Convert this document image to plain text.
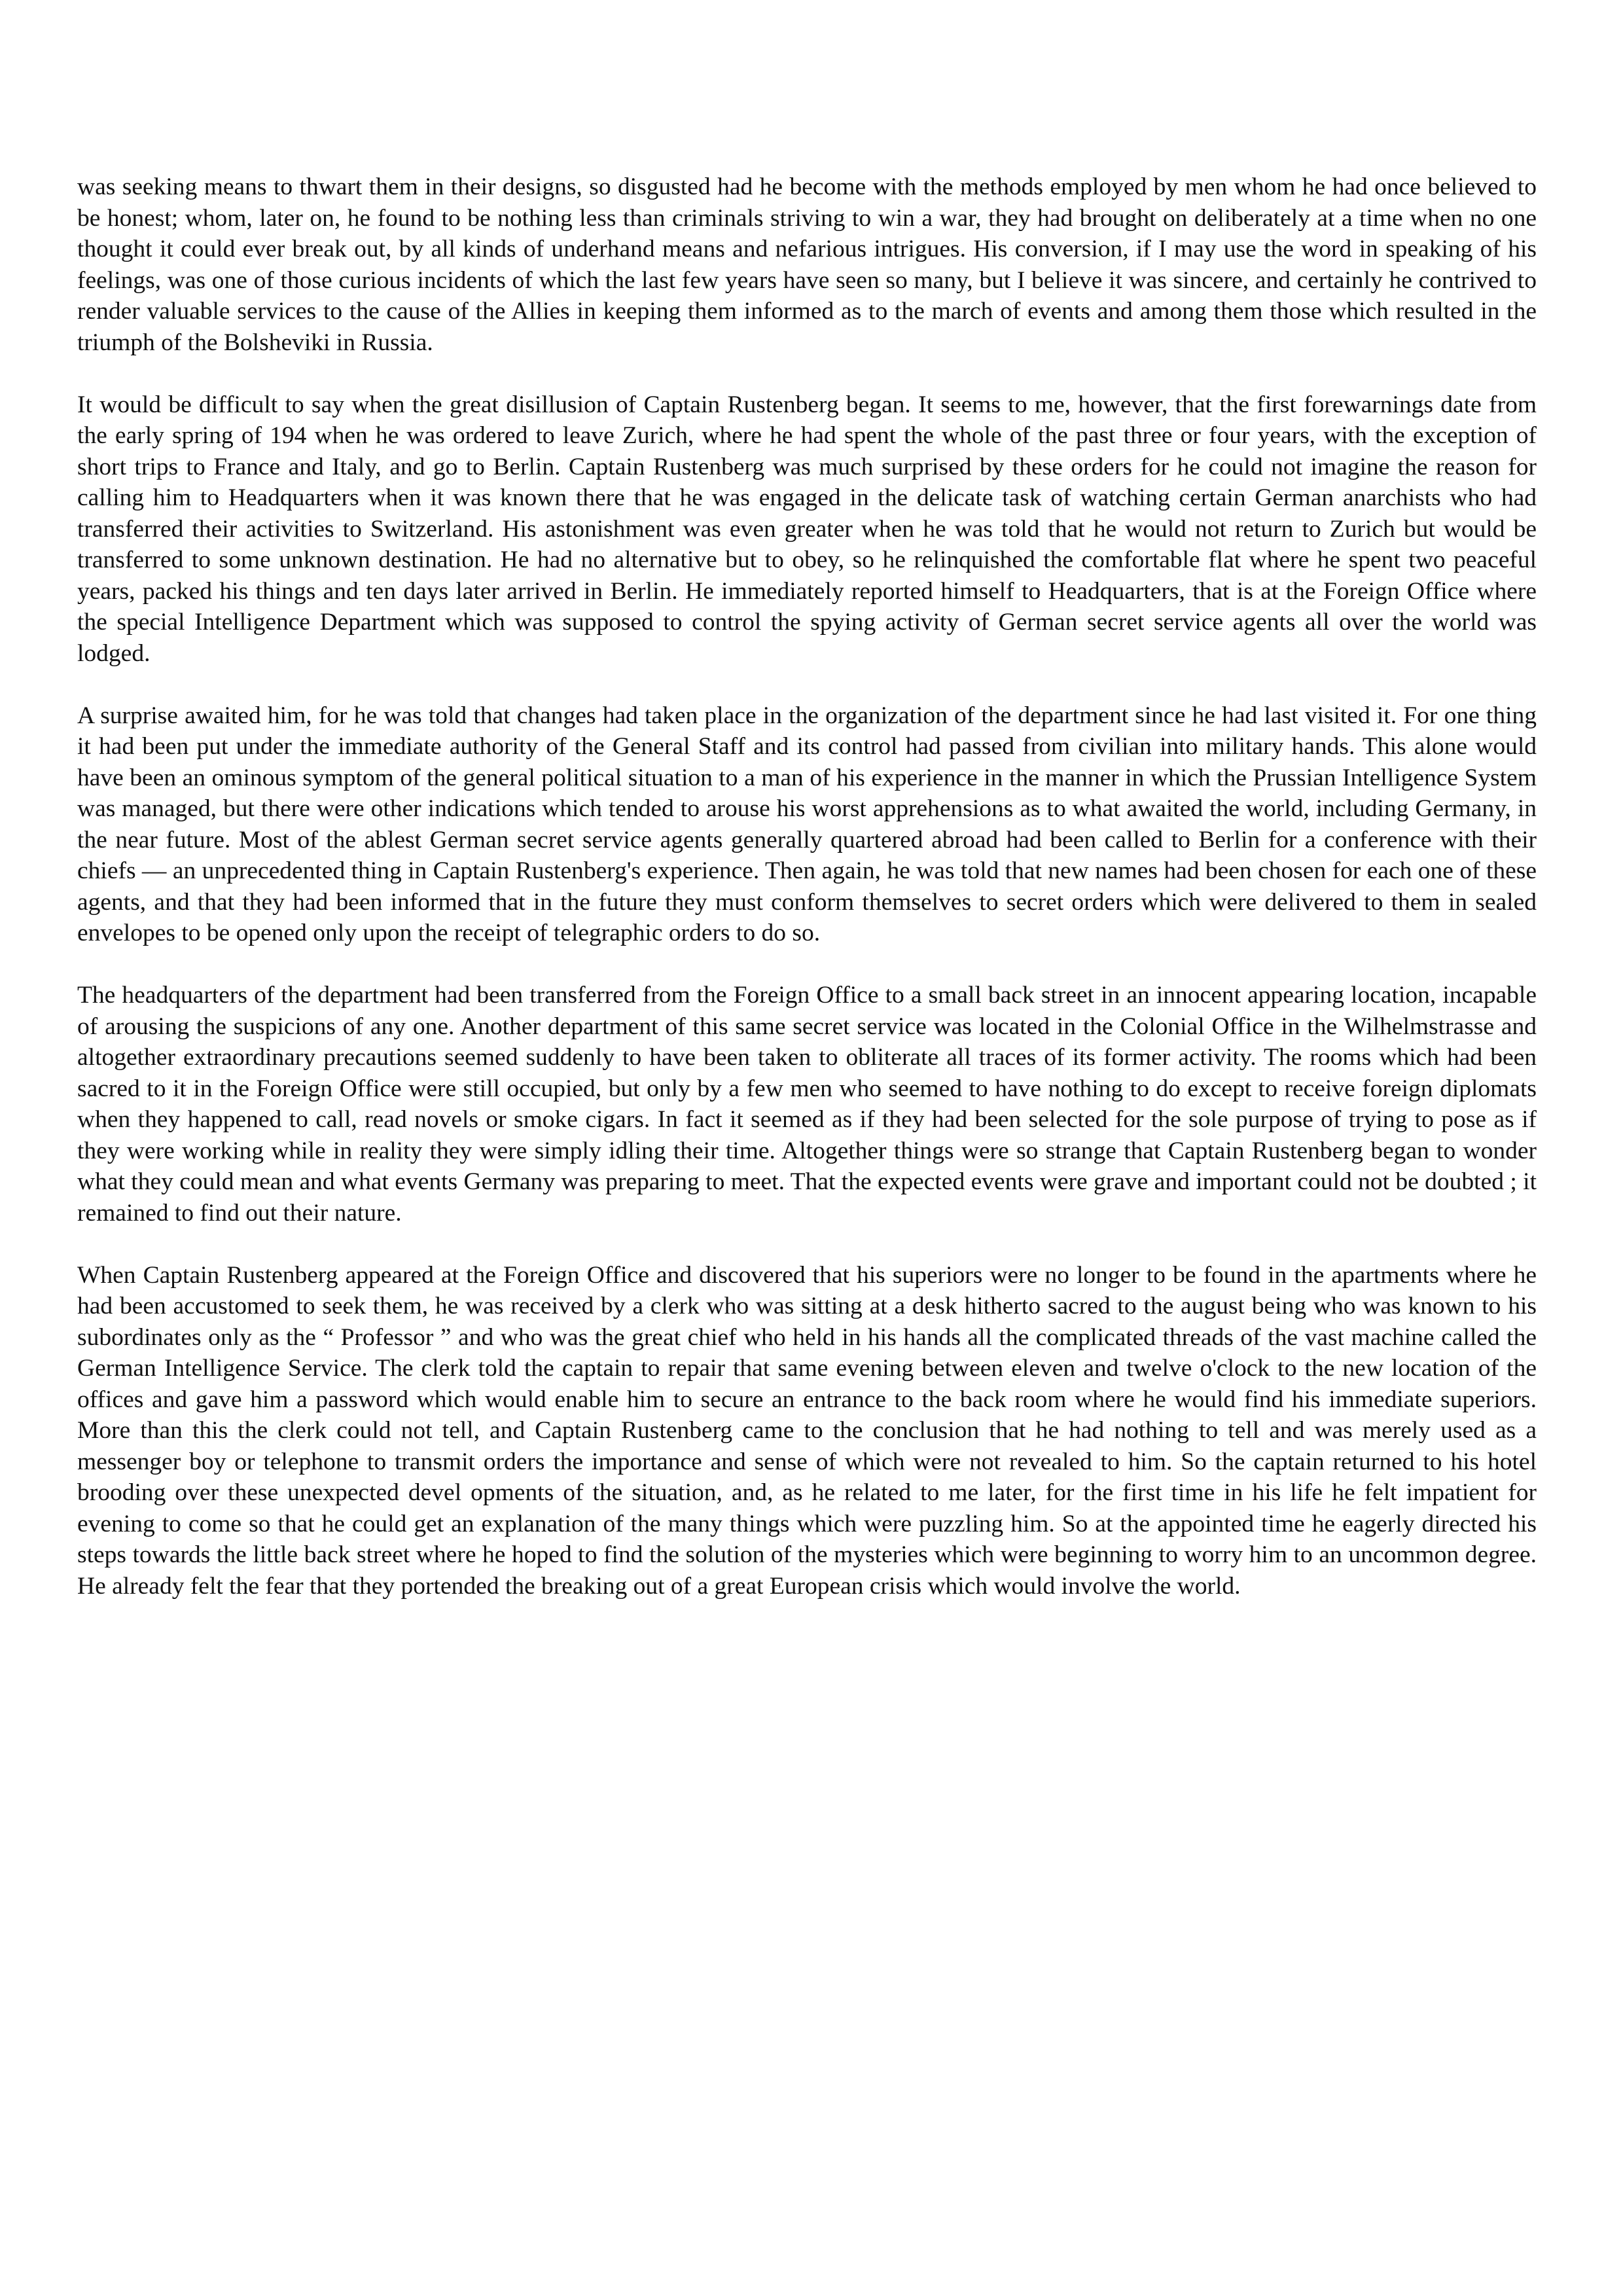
was seeking means to thwart them in their designs, so disgusted had he become with the methods employed by men whom he had once believed to be honest; whom, later on, he found to be nothing less than criminals striving to win a war, they had brought on deliberately at a time when no one thought it could ever break out, by all kinds of underhand means and nefarious intrigues. His conversion, if I may use the word in speaking of his feelings, was one of those curious incidents of which the last few years have seen so many, but I believe it was sincere, and certainly he contrived to render valuable services to the cause of the Allies in keeping them informed as to the march of events and among them those which resulted in the triumph of the Bolsheviki in Russia.

It would be difficult to say when the great disillusion of Captain Rustenberg began. It seems to me, however, that the first forewarnings date from the early spring of 194 when he was ordered to leave Zurich, where he had spent the whole of the past three or four years, with the exception of short trips to France and Italy, and go to Berlin. Captain Rustenberg was much surprised by these orders for he could not imagine the reason for calling him to Headquarters when it was known there that he was engaged in the delicate task of watching certain German anarchists who had transferred their activities to Switzerland. His astonishment was even greater when he was told that he would not return to Zurich but would be transferred to some unknown destination. He had no alternative but to obey, so he relinquished the comfortable flat where he spent two peaceful years, packed his things and ten days later arrived in Berlin. He immediately reported himself to Headquarters, that is at the Foreign Office where the special Intelligence Department which was supposed to control the spying activity of German secret service agents all over the world was lodged.

A surprise awaited him, for he was told that changes had taken place in the organization of the department since he had last visited it. For one thing it had been put under the immediate authority of the General Staff and its control had passed from civilian into military hands. This alone would have been an ominous symptom of the general political situation to a man of his experience in the manner in which the Prussian Intelligence System was managed, but there were other indications which tended to arouse his worst apprehensions as to what awaited the world, including Germany, in the near future. Most of the ablest German secret service agents generally quartered abroad had been called to Berlin for a conference with their chiefs — an unprecedented thing in Captain Rustenberg's experience. Then again, he was told that new names had been chosen for each one of these agents, and that they had been informed that in the future they must conform themselves to secret orders which were delivered to them in sealed envelopes to be opened only upon the receipt of telegraphic orders to do so.

The headquarters of the department had been transferred from the Foreign Office to a small back street in an innocent appearing location, incapable of arousing the suspicions of any one. Another department of this same secret service was located in the Colonial Office in the Wilhelmstrasse and altogether extraordinary precautions seemed suddenly to have been taken to obliterate all traces of its former activity. The rooms which had been sacred to it in the Foreign Office were still occupied, but only by a few men who seemed to have nothing to do except to receive foreign diplomats when they happened to call, read novels or smoke cigars. In fact it seemed as if they had been selected for the sole purpose of trying to pose as if they were working while in reality they were simply idling their time. Altogether things were so strange that Captain Rustenberg began to wonder what they could mean and what events Germany was preparing to meet. That the expected events were grave and important could not be doubted ; it remained to find out their nature.

When Captain Rustenberg appeared at the Foreign Office and discovered that his superiors were no longer to be found in the apartments where he had been accustomed to seek them, he was received by a clerk who was sitting at a desk hitherto sacred to the august being who was known to his subordinates only as the “ Professor ” and who was the great chief who held in his hands all the complicated threads of the vast machine called the German Intelligence Service. The clerk told the captain to repair that same evening between eleven and twelve o'clock to the new location of the offices and gave him a password which would enable him to secure an entrance to the back room where he would find his immediate superiors. More than this the clerk could not tell, and Captain Rustenberg came to the conclusion that he had nothing to tell and was merely used as a messenger boy or telephone to transmit orders the importance and sense of which were not revealed to him. So the captain returned to his hotel brooding over these unexpected devel opments of the situation, and, as he related to me later, for the first time in his life he felt impatient for evening to come so that he could get an explanation of the many things which were puzzling him. So at the appointed time he eagerly directed his steps towards the little back street where he hoped to find the solution of the mysteries which were beginning to worry him to an uncommon degree. He already felt the fear that they portended the breaking out of a great European crisis which would involve the world.
